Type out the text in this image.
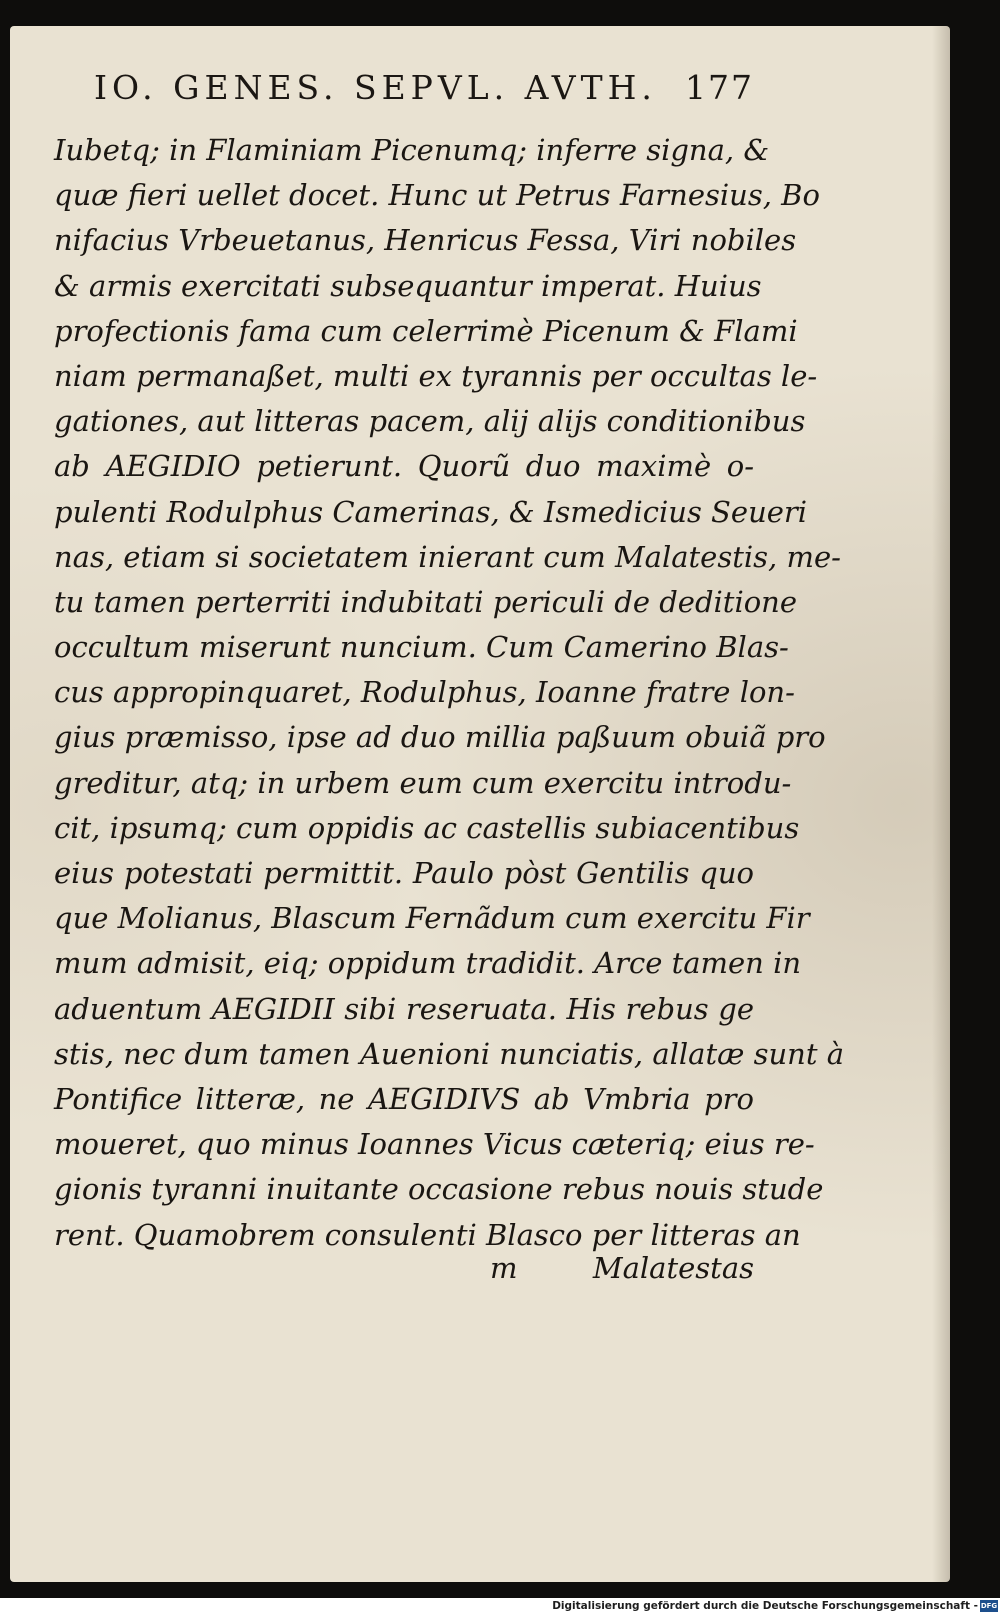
IO. GENES. SEPVL. AVTH. 177
Iubetq; in Flaminiam Picenumq; inferre signa, &
quæ fieri uellet docet. Hunc ut Petrus Farnesius, Bo
nifacius Vrbeuetanus, Henricus Fessa, Viri nobiles
& armis exercitati subsequantur imperat. Huius
profectionis fama cum celerrimè Picenum & Flami
niam permanaßet, multi ex tyrannis per occultas le-
gationes, aut litteras pacem, alij alijs conditionibus
ab AEGIDIO petierunt. Quorũ duo maximè o-
pulenti Rodulphus Camerinas, & Ismedicius Seueri
nas, etiam si societatem inierant cum Malatestis, me-
tu tamen perterriti indubitati periculi de deditione
occultum miserunt nuncium. Cum Camerino Blas-
cus appropinquaret, Rodulphus, Ioanne fratre lon-
gius præmisso, ipse ad duo millia paßuum obuiã pro
greditur, atq; in urbem eum cum exercitu introdu-
cit, ipsumq; cum oppidis ac castellis subiacentibus
eius potestati permittit. Paulo pòst Gentilis quo
que Molianus, Blascum Fernãdum cum exercitu Fir
mum admisit, eiq; oppidum tradidit. Arce tamen in
aduentum AEGIDII sibi reseruata. His rebus ge
stis, nec dum tamen Auenioni nunciatis, allatæ sunt à
Pontifice litteræ, ne AEGIDIVS ab Vmbria pro
moueret, quo minus Ioannes Vicus cæteriq; eius re-
gionis tyranni inuitante occasione rebus nouis stude
rent. Quamobrem consulenti Blasco per litteras an
m	Malatestas
Digitalisierung gefördert durch die Deutsche Forschungsgemeinschaft - DFG
